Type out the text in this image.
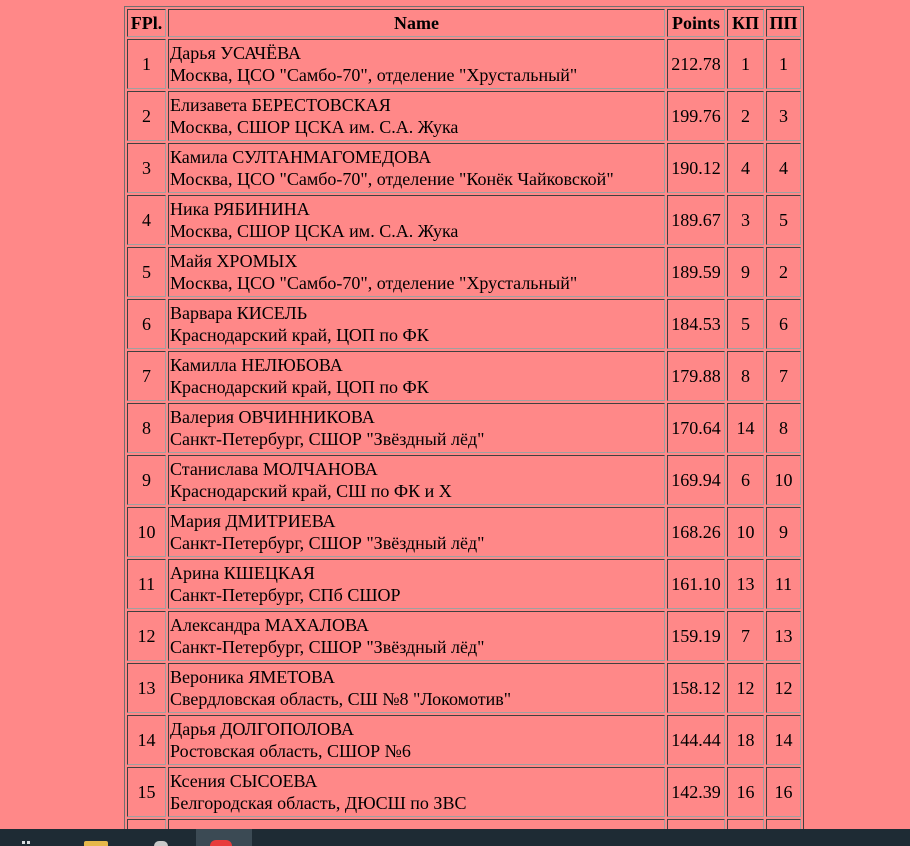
FPl.	Name	Points	КП	ПП
1	Дарья УСАЧЁВА
Москва, ЦСО "Самбо-70", отделение "Хрустальный"	212.78	1	1
2	Елизавета БЕРЕСТОВСКАЯ
Москва, СШОР ЦСКА им. С.А. Жука	199.76	2	3
3	Камила СУЛТАНМАГОМЕДОВА
Москва, ЦСО "Самбо-70", отделение "Конёк Чайковской"	190.12	4	4
4	Ника РЯБИНИНА
Москва, СШОР ЦСКА им. С.А. Жука	189.67	3	5
5	Майя ХРОМЫХ
Москва, ЦСО "Самбо-70", отделение "Хрустальный"	189.59	9	2
6	Варвара КИСЕЛЬ
Краснодарский край, ЦОП по ФК	184.53	5	6
7	Камилла НЕЛЮБОВА
Краснодарский край, ЦОП по ФК	179.88	8	7
8	Валерия ОВЧИННИКОВА
Санкт-Петербург, СШОР "Звёздный лёд"	170.64	14	8
9	Станислава МОЛЧАНОВА
Краснодарский край, СШ по ФК и Х	169.94	6	10
10	Мария ДМИТРИЕВА
Санкт-Петербург, СШОР "Звёздный лёд"	168.26	10	9
11	Арина КШЕЦКАЯ
Санкт-Петербург, СПб СШОР	161.10	13	11
12	Александра МАХАЛОВА
Санкт-Петербург, СШОР "Звёздный лёд"	159.19	7	13
13	Вероника ЯМЕТОВА
Свердловская область, СШ №8 "Локомотив"	158.12	12	12
14	Дарья ДОЛГОПОЛОВА
Ростовская область, СШОР №6	144.44	18	14
15	Ксения СЫСОЕВА
Белгородская область, ДЮСШ по ЗВС	142.39	16	16
